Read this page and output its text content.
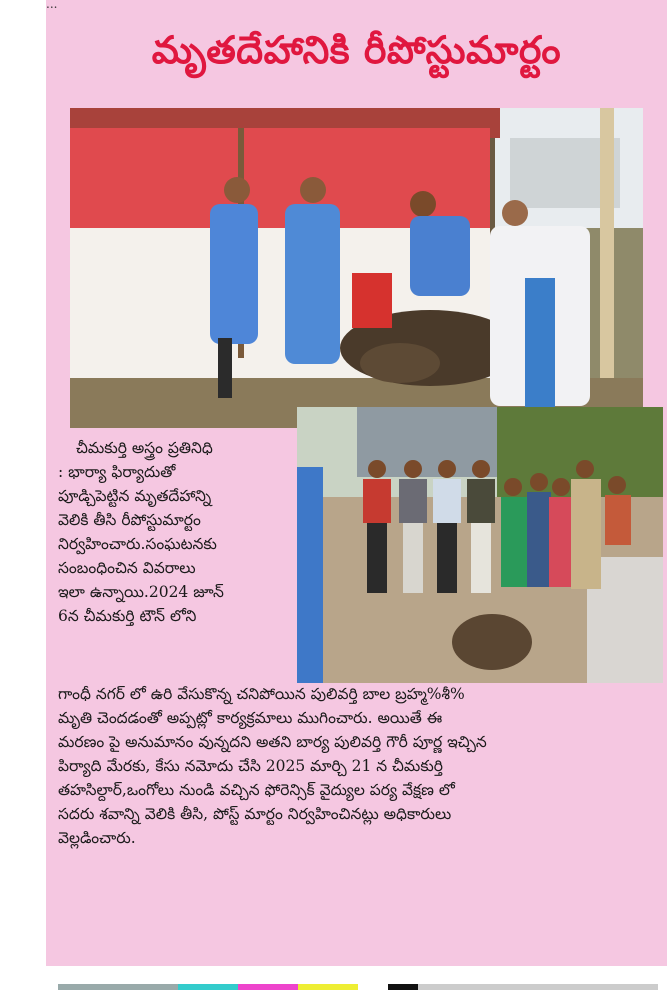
మృతదేహానికి రీపోస్టుమార్టం

చీమకుర్తి అస్త్రం ప్రతినిధి

: భార్యా ఫిర్యాదుతో

పూడ్చిపెట్టిన మృతదేహాన్ని

వెలికి తీసి రీపోస్టుమార్టం

నిర్వహించారు.సంఘటనకు

సంబంధించిన వివరాలు

ఇలా ఉన్నాయి.2024 జూన్

6న చీమకుర్తి టౌన్ లోని

గాంధీ నగర్ లో ఉరి వేసుకొన్న చనిపోయిన పులివర్తి బాల బ్రహ్మ%శీ%

మృతి చెందడంతో అప్పట్లో కార్యక్రమాలు ముగించారు. అయితే ఈ

మరణం పై అనుమానం వున్నదని అతని బార్య పులివర్తి గౌరీ పూర్ణ ఇచ్చిన

పిర్యాది మేరకు, కేసు నమోదు చేసి 2025 మార్చి 21 న చీమకుర్తి

తహసిల్దార్,ఒంగోలు నుండి వచ్చిన ఫోరెన్సిక్ వైద్యుల పర్య వేక్షణ లో

సదరు శవాన్ని వెలికి తీసి, పోస్ట్ మార్టం నిర్వహించినట్లు అధికారులు

వెల్లడించారు.

...
